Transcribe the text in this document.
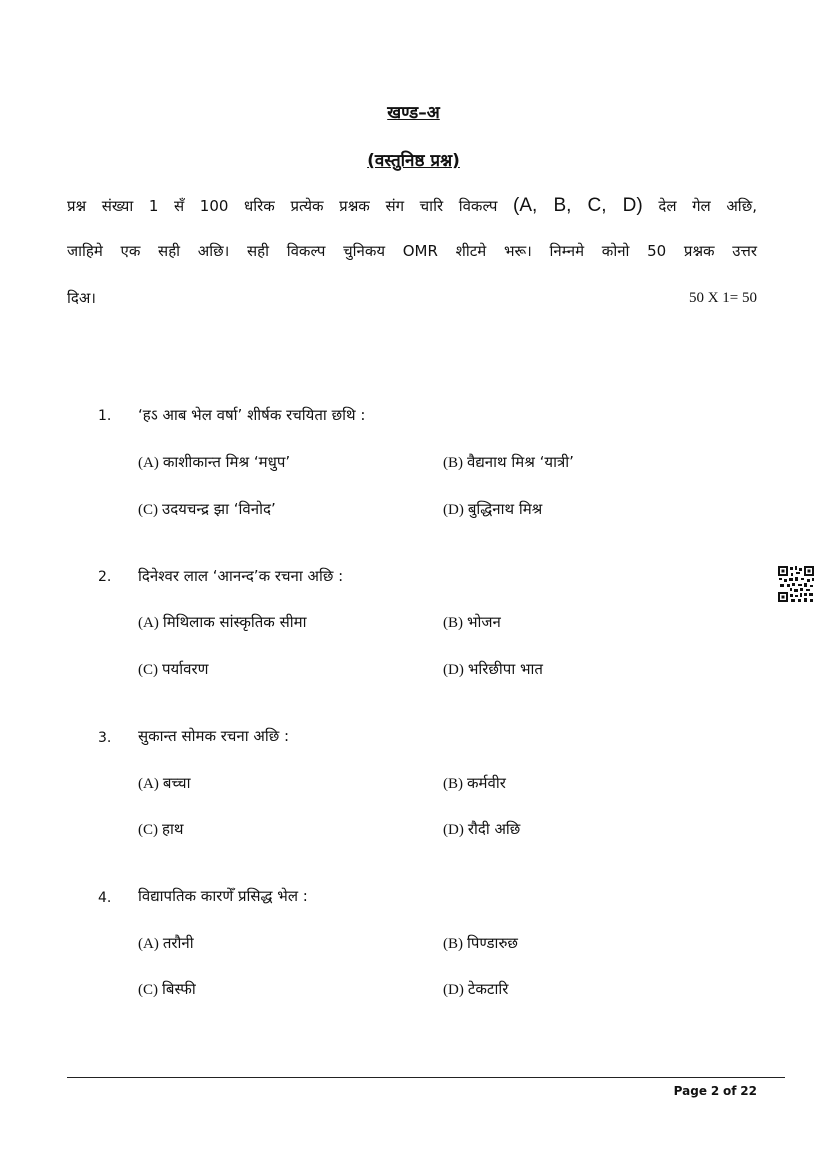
खण्ड–अ
(वस्तुनिष्ठ प्रश्न)
प्रश्न संख्या 1 सँ 100 धरिक प्रत्येक प्रश्नक संग चारि विकल्प (A, B, C, D) देल गेल अछि,
जाहिमे एक सही अछि। सही विकल्प चुनिकय OMR शीटमे भरू। निम्नमे कोनो 50 प्रश्नक उत्तर
दिअ।	50 X 1= 50
1.	‘हऽ आब भेल वर्षा’ शीर्षक रचयिता छथि :
(A) काशीकान्त मिश्र ‘मधुप’	(B) वैद्यनाथ मिश्र ‘यात्री’
(C) उदयचन्द्र झा ‘विनोद’	(D) बुद्धिनाथ मिश्र
2.	दिनेश्वर लाल ‘आनन्द’क रचना अछि :
(A) मिथिलाक सांस्कृतिक सीमा	(B) भोजन
(C) पर्यावरण	(D) भरिछीपा भात
3.	सुकान्त सोमक रचना अछि :
(A) बच्चा	(B) कर्मवीर
(C) हाथ	(D) रौदी अछि
4.	विद्यापतिक कारणेँ प्रसिद्ध भेल :
(A) तरौनी	(B) पिण्डारुछ
(C) बिस्फी	(D) टेकटारि
Page 2 of 22
